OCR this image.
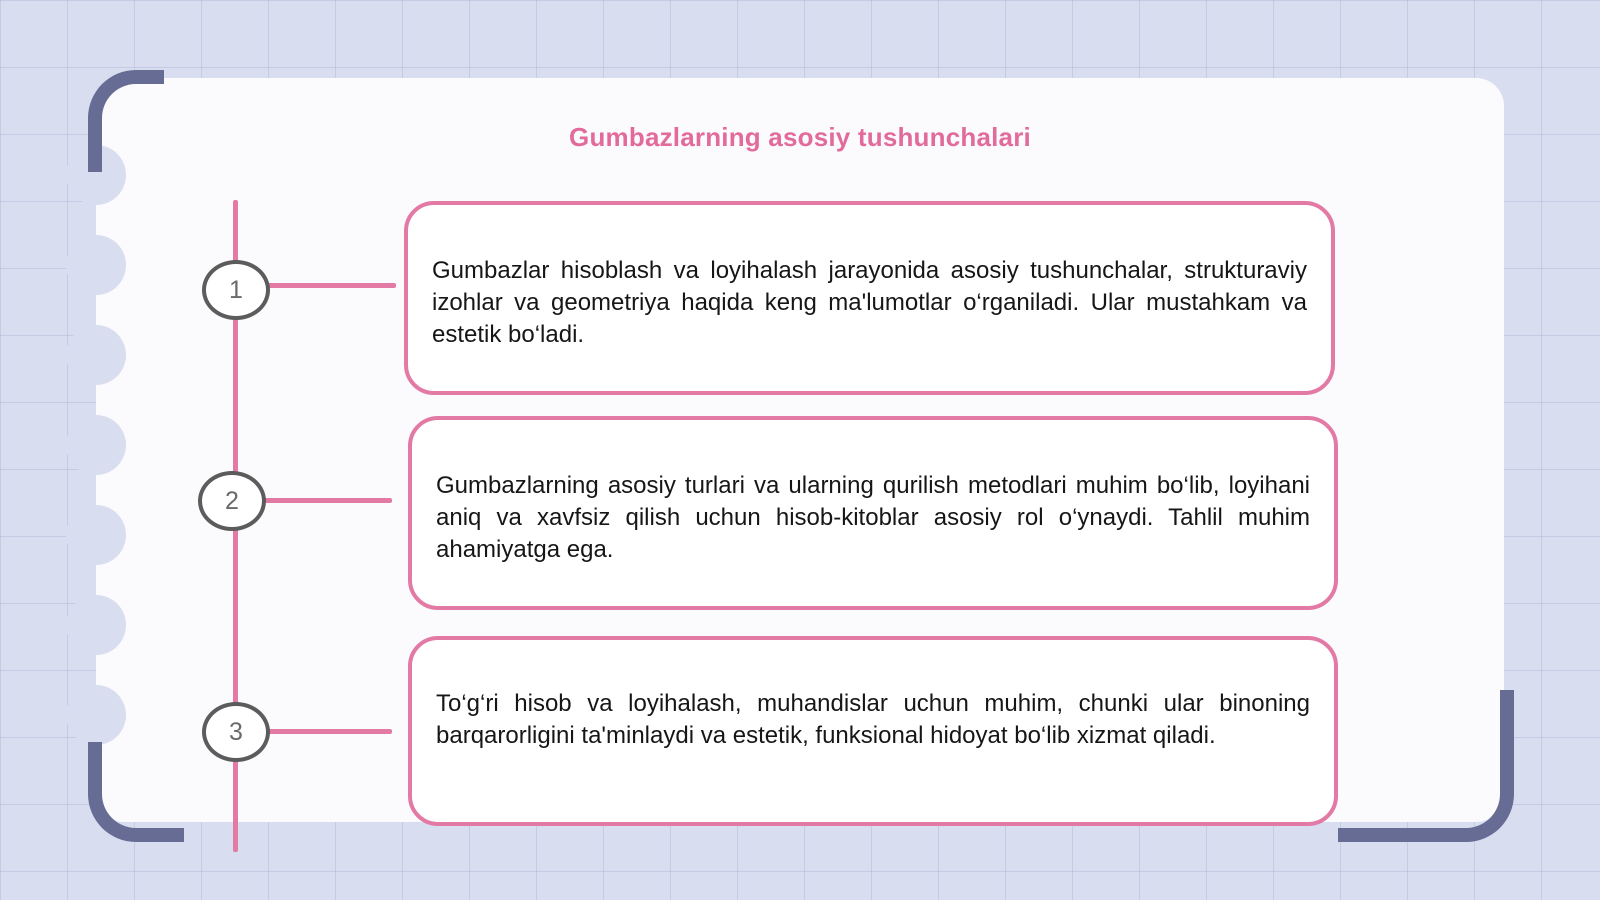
Gumbazlarning asosiy tushunchalari
1
Gumbazlar hisoblash va loyihalash jarayonida asosiy tushunchalar, strukturaviy izohlar va geometriya haqida keng ma'lumotlar o‘rganiladi. Ular mustahkam va estetik bo‘ladi.
2
Gumbazlarning asosiy turlari va ularning qurilish metodlari muhim bo‘lib, loyihani aniq va xavfsiz qilish uchun hisob-kitoblar asosiy rol o‘ynaydi. Tahlil muhim ahamiyatga ega.
3
To‘g‘ri hisob va loyihalash, muhandislar uchun muhim, chunki ular binoning barqarorligini ta'minlaydi va estetik, funksional hidoyat bo‘lib xizmat qiladi.
